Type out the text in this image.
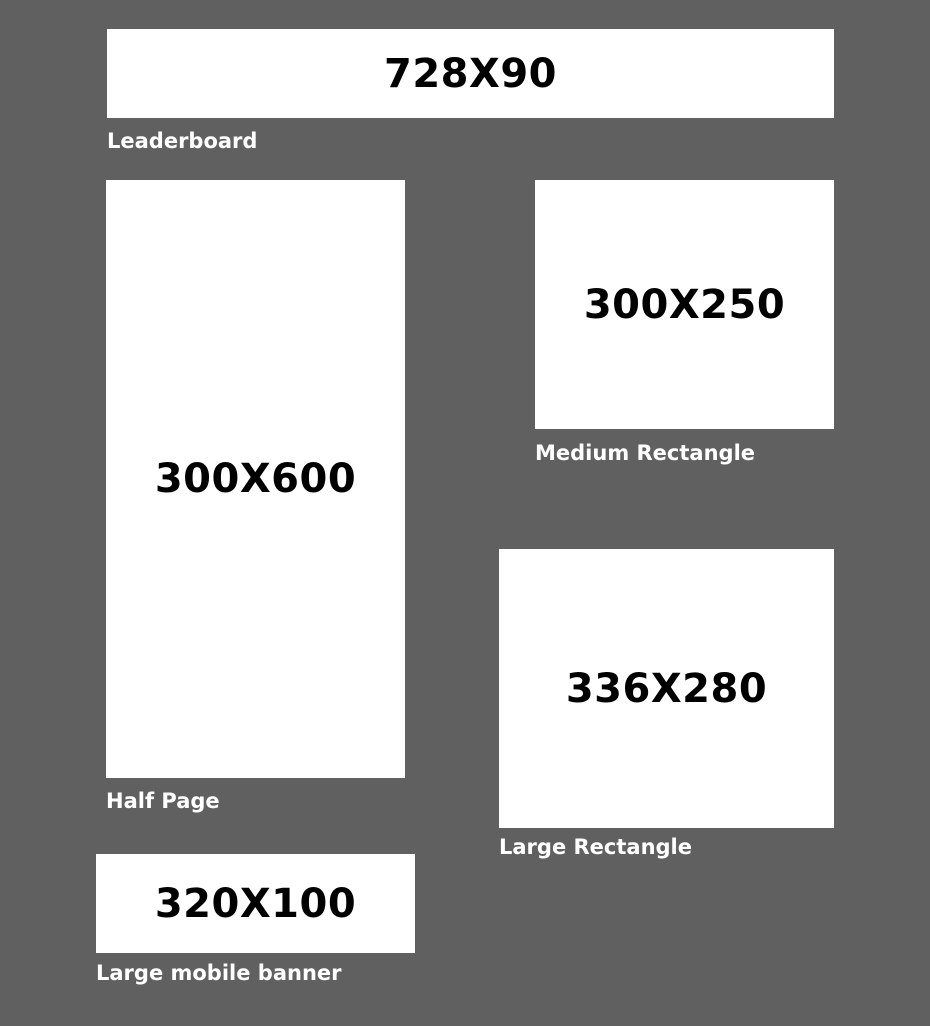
728X90
Leaderboard
300X600
Half Page
300X250
Medium Rectangle
336X280
Large Rectangle
320X100
Large mobile banner
